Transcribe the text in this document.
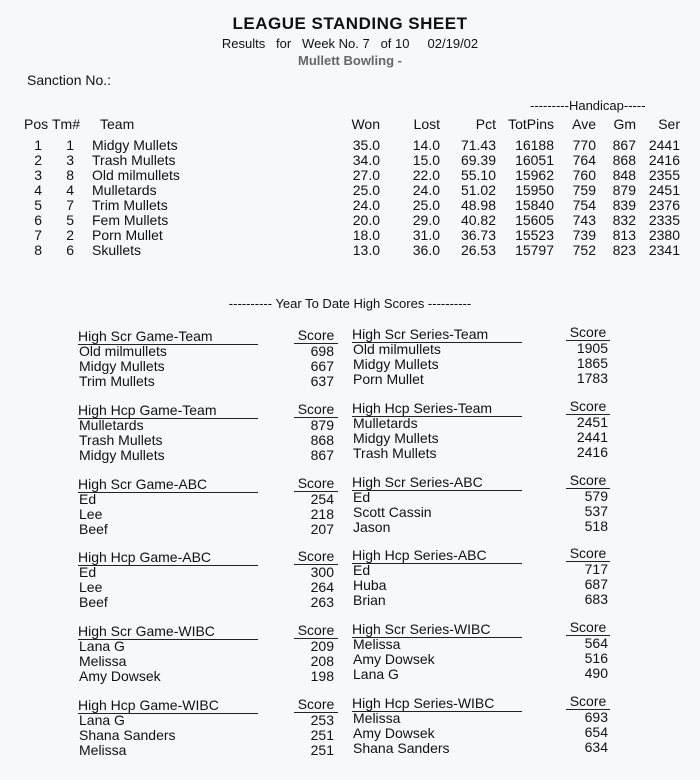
LEAGUE STANDING SHEET
Results   for   Week No. 7   of 10     02/19/02
Mullett Bowling -
Sanction No.:
---------Handicap-----
Pos Tm# Team	Won	Lost	Pct TotPins	Ave	Gm	Ser
1	1 Midgy Mullets	35.0	14.0	71.43	16188	770	867 2441
2	3 Trash Mullets	34.0	15.0	69.39	16051	764	868 2416
3	8 Old milmullets	27.0	22.0	55.10	15962	760	848 2355
4	4 Mulletards	25.0	24.0	51.02	15950	759	879 2451
5	7 Trim Mullets	24.0	25.0	48.98	15840	754	839 2376
6	5 Fem Mullets	20.0	29.0	40.82	15605	743	832 2335
7	2 Porn Mullet	18.0	31.0	36.73	15523	739	813 2380
8	6 Skullets	13.0	36.0	26.53	15797	752	823 2341
---------- Year To Date High Scores ----------
High Scr Game-Team	Score High Scr Series-Team	Score
Old milmullets	698 Old milmullets	1905
Midgy Mullets	667 Midgy Mullets	1865
Trim Mullets	637 Porn Mullet	1783
High Hcp Game-Team	Score High Hcp Series-Team	Score
Mulletards	879 Mulletards	2451
Trash Mullets	868 Midgy Mullets	2441
Midgy Mullets	867 Trash Mullets	2416
High Scr Game-ABC	Score High Scr Series-ABC	Score
Ed	254 Ed	579
Lee	218 Scott Cassin	537
Beef	207 Jason	518
High Hcp Game-ABC	Score High Hcp Series-ABC	Score
Ed	300 Ed	717
Lee	264 Huba	687
Beef	263 Brian	683
High Scr Game-WIBC	Score High Scr Series-WIBC	Score
Lana G	209 Melissa	564
Melissa	208 Amy Dowsek	516
Amy Dowsek	198 Lana G	490
High Hcp Game-WIBC	Score High Hcp Series-WIBC	Score
Lana G	253 Melissa	693
Shana Sanders	251 Amy Dowsek	654
Melissa	251 Shana Sanders	634
